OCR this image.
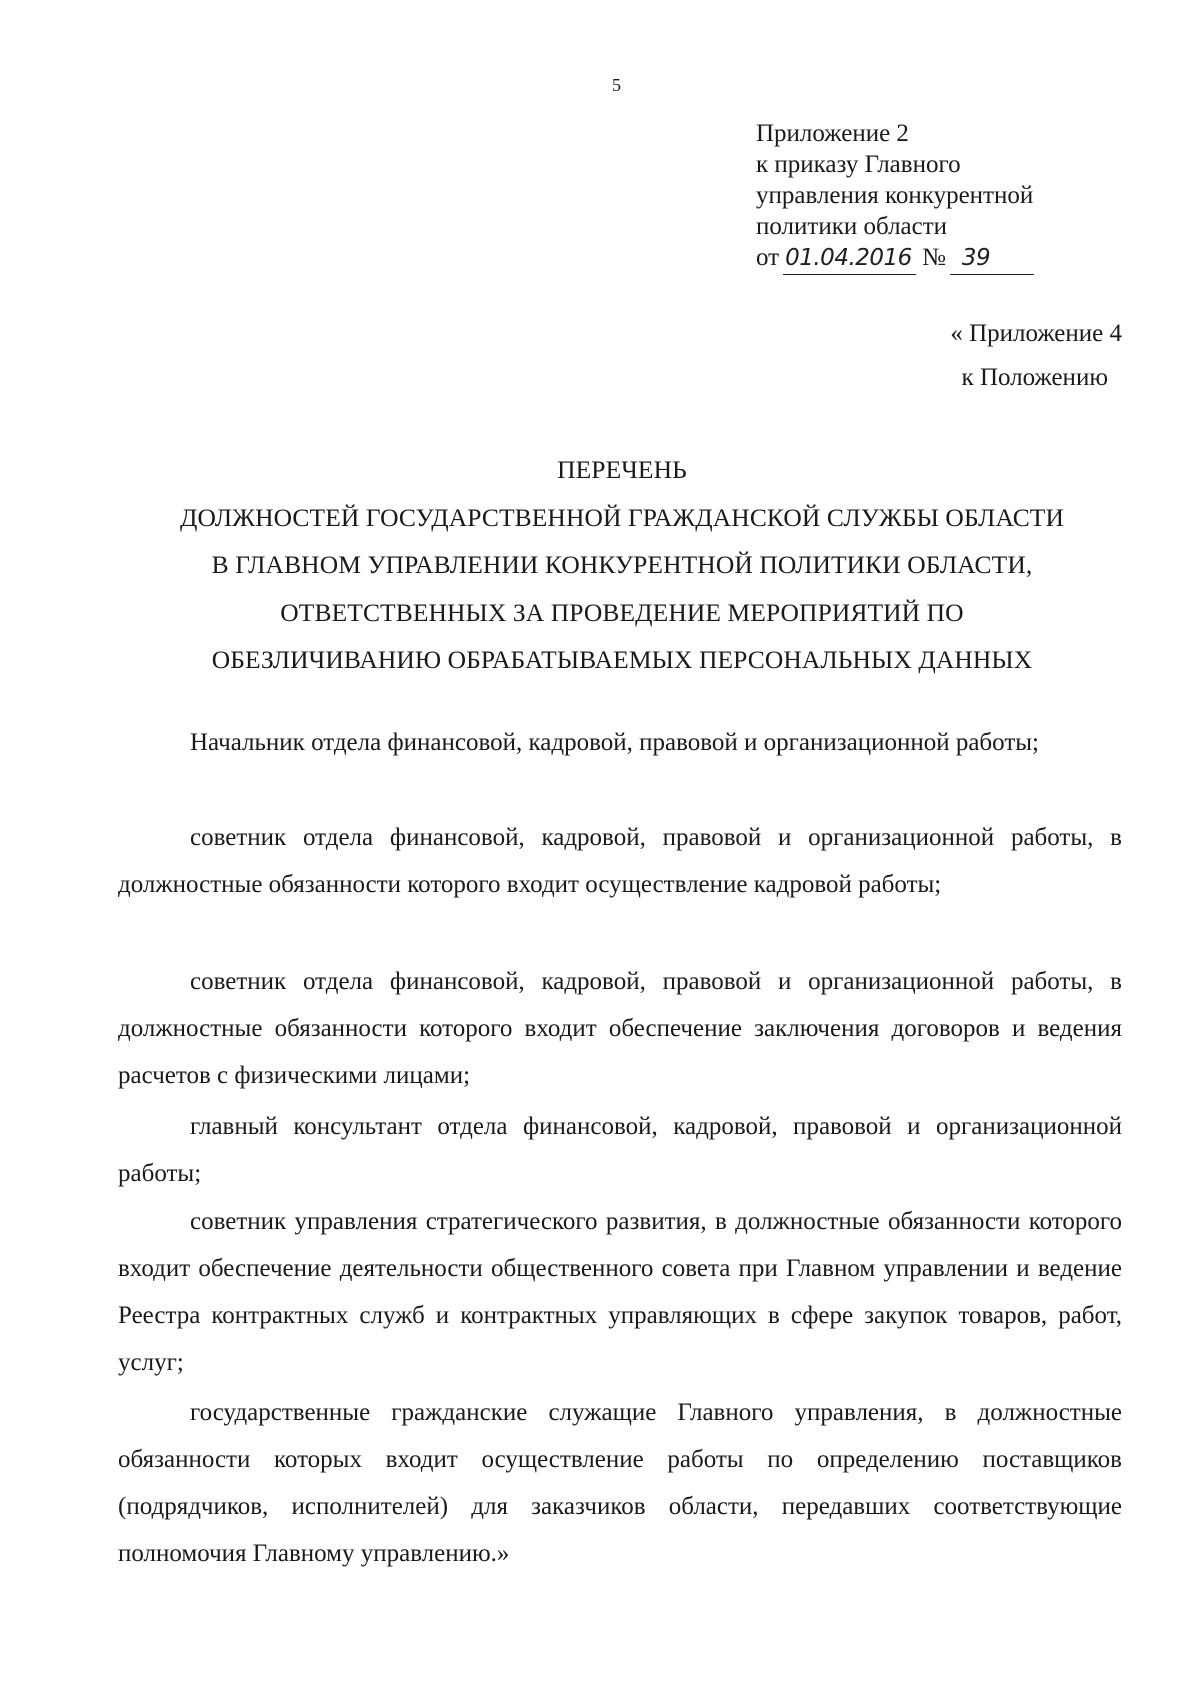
5
Приложение 2
к приказу Главного
управления конкурентной
политики области
от 01.04.2016 № 39
« Приложение 4
к Положению
ПЕРЕЧЕНЬ
ДОЛЖНОСТЕЙ ГОСУДАРСТВЕННОЙ ГРАЖДАНСКОЙ СЛУЖБЫ ОБЛАСТИ
В ГЛАВНОМ УПРАВЛЕНИИ КОНКУРЕНТНОЙ ПОЛИТИКИ ОБЛАСТИ,
ОТВЕТСТВЕННЫХ ЗА ПРОВЕДЕНИЕ МЕРОПРИЯТИЙ ПО
ОБЕЗЛИЧИВАНИЮ ОБРАБАТЫВАЕМЫХ ПЕРСОНАЛЬНЫХ ДАННЫХ

Начальник отдела финансовой, кадровой, правовой и организационной работы;

советник отдела финансовой, кадровой, правовой и организационной работы, в должностные обязанности которого входит осуществление кадровой работы;

советник отдела финансовой, кадровой, правовой и организационной работы, в должностные обязанности которого входит обеспечение заключения договоров и ведения расчетов с физическими лицами;

главный консультант отдела финансовой, кадровой, правовой и организационной работы;

советник управления стратегического развития, в должностные обязанности которого входит обеспечение деятельности общественного совета при Главном управлении и ведение Реестра контрактных служб и контрактных управляющих в сфере закупок товаров, работ, услуг;

государственные гражданские служащие Главного управления, в должностные обязанности которых входит осуществление работы по определению поставщиков (подрядчиков, исполнителей) для заказчиков области, передавших соответствующие полномочия Главному управлению.»
